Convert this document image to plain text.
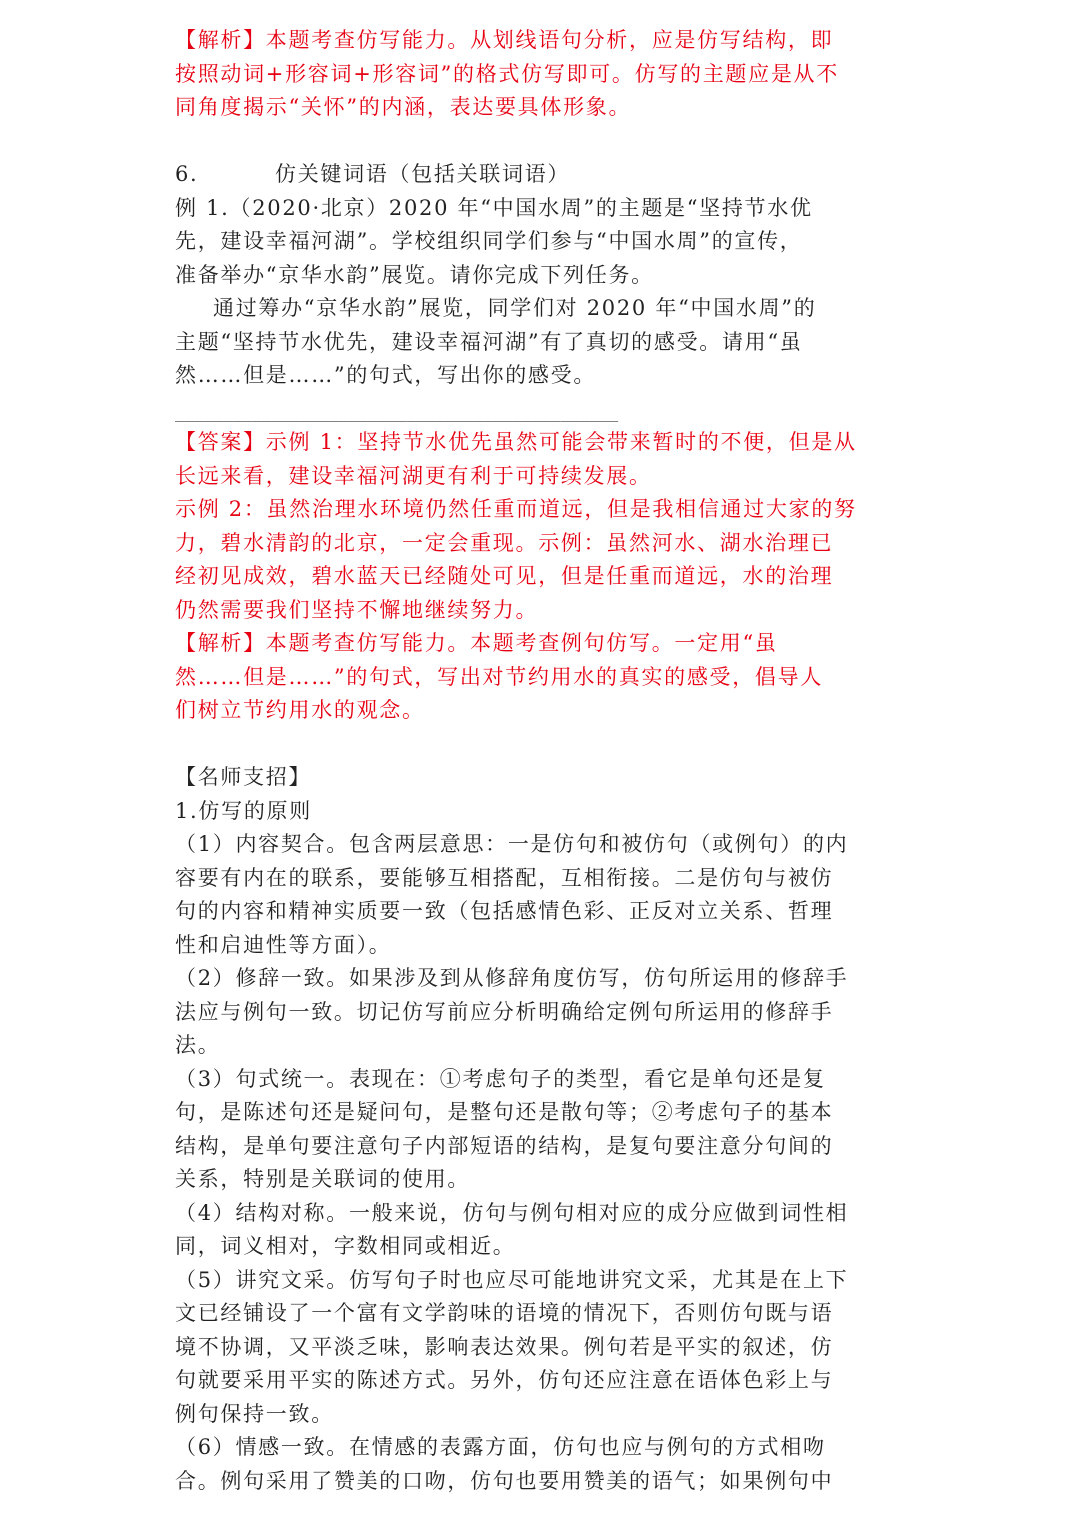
【解析】本题考查仿写能力。从划线语句分析，应是仿写结构，即
按照动词+形容词+形容词”的格式仿写即可。仿写的主题应是从不
同角度揭示“关怀”的内涵，表达要具体形象。
6.	仿关键词语（包括关联词语）
例 1.（2020·北京）2020 年“中国水周”的主题是“坚持节水优
先，建设幸福河湖”。学校组织同学们参与“中国水周”的宣传，
准备举办“京华水韵”展览。请你完成下列任务。
通过筹办“京华水韵”展览，同学们对 2020 年“中国水周”的
主题“坚持节水优先，建设幸福河湖”有了真切的感受。请用“虽
然……但是……”的句式，写出你的感受。
______________________________________________
【答案】示例 1：坚持节水优先虽然可能会带来暂时的不便，但是从
长远来看，建设幸福河湖更有利于可持续发展。
示例 2：虽然治理水环境仍然任重而道远，但是我相信通过大家的努
力，碧水清韵的北京，一定会重现。示例：虽然河水、湖水治理已
经初见成效，碧水蓝天已经随处可见，但是任重而道远，水的治理
仍然需要我们坚持不懈地继续努力。
【解析】本题考查仿写能力。本题考查例句仿写。一定用“虽
然……但是……”的句式，写出对节约用水的真实的感受，倡导人
们树立节约用水的观念。
【名师支招】
1.仿写的原则
（1）内容契合。包含两层意思：一是仿句和被仿句（或例句）的内
容要有内在的联系，要能够互相搭配，互相衔接。二是仿句与被仿
句的内容和精神实质要一致（包括感情色彩、正反对立关系、哲理
性和启迪性等方面）。
（2）修辞一致。如果涉及到从修辞角度仿写，仿句所运用的修辞手
法应与例句一致。切记仿写前应分析明确给定例句所运用的修辞手
法。
（3）句式统一。表现在：①考虑句子的类型，看它是单句还是复
句，是陈述句还是疑问句，是整句还是散句等；②考虑句子的基本
结构，是单句要注意句子内部短语的结构，是复句要注意分句间的
关系，特别是关联词的使用。
（4）结构对称。一般来说，仿句与例句相对应的成分应做到词性相
同，词义相对，字数相同或相近。
（5）讲究文采。仿写句子时也应尽可能地讲究文采，尤其是在上下
文已经铺设了一个富有文学韵味的语境的情况下，否则仿句既与语
境不协调，又平淡乏味，影响表达效果。例句若是平实的叙述，仿
句就要采用平实的陈述方式。另外，仿句还应注意在语体色彩上与
例句保持一致。
（6）情感一致。在情感的表露方面，仿句也应与例句的方式相吻
合。例句采用了赞美的口吻，仿句也要用赞美的语气；如果例句中
